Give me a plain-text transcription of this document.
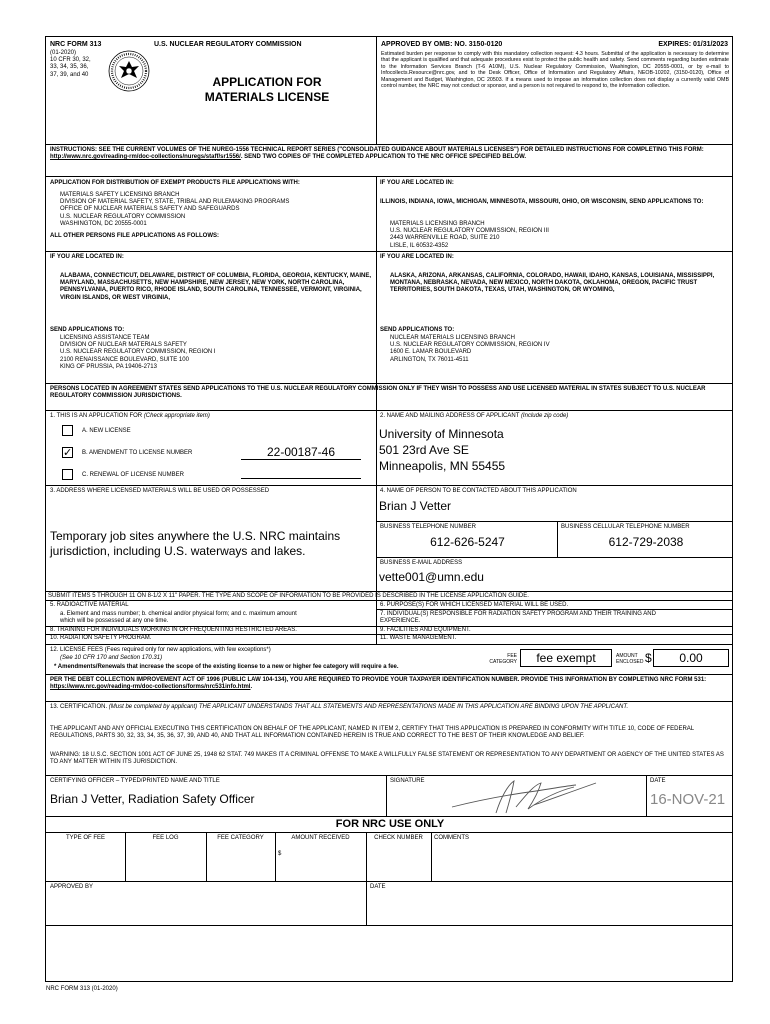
NRC FORM 313	U.S. NUCLEAR REGULATORY COMMISSION
(01-2020)
10 CFR 30, 32,
33, 34, 35, 36,
37, 39, and 40
APPLICATION FOR
MATERIALS LICENSE
APPROVED BY OMB: NO. 3150-0120	EXPIRES: 01/31/2023
Estimated burden per response to comply with this mandatory collection request: 4.3 hours. Submittal of the application is necessary to determine that the applicant is qualified and that adequate procedures exist to protect the public health and safety. Send comments regarding burden estimate to the Information Services Branch (T-6 A10M), U.S. Nuclear Regulatory Commission, Washington, DC 20555-0001, or by e-mail to Infocollects.Resource@nrc.gov, and to the Desk Officer, Office of Information and Regulatory Affairs, NEOB-10202, (3150-0120), Office of Management and Budget, Washington, DC 20503. If a means used to impose an information collection does not display a currently valid OMB control number, the NRC may not conduct or sponsor, and a person is not required to respond to, the information collection.
INSTRUCTIONS: SEE THE CURRENT VOLUMES OF THE NUREG-1556 TECHNICAL REPORT SERIES ("CONSOLIDATED GUIDANCE ABOUT MATERIALS LICENSES") FOR DETAILED INSTRUCTIONS FOR COMPLETING THIS FORM: http://www.nrc.gov/reading-rm/doc-collections/nuregs/staff/sr1556/. SEND TWO COPIES OF THE COMPLETED APPLICATION TO THE NRC OFFICE SPECIFIED BELOW.
APPLICATION FOR DISTRIBUTION OF EXEMPT PRODUCTS FILE APPLICATIONS WITH:
MATERIALS SAFETY LICENSING BRANCH
DIVISION OF MATERIAL SAFETY, STATE, TRIBAL AND RULEMAKING PROGRAMS
OFFICE OF NUCLEAR MATERIALS SAFETY AND SAFEGUARDS
U.S. NUCLEAR REGULATORY COMMISSION
WASHINGTON, DC 20555-0001
ALL OTHER PERSONS FILE APPLICATIONS AS FOLLOWS:
IF YOU ARE LOCATED IN:
ALABAMA, CONNECTICUT, DELAWARE, DISTRICT OF COLUMBIA, FLORIDA, GEORGIA, KENTUCKY, MAINE, MARYLAND, MASSACHUSETTS, NEW HAMPSHIRE, NEW JERSEY, NEW YORK, NORTH CAROLINA, PENNSYLVANIA, PUERTO RICO, RHODE ISLAND, SOUTH CAROLINA, TENNESSEE, VERMONT, VIRGINIA, VIRGIN ISLANDS, OR WEST VIRGINIA,
SEND APPLICATIONS TO:
LICENSING ASSISTANCE TEAM
DIVISION OF NUCLEAR MATERIALS SAFETY
U.S. NUCLEAR REGULATORY COMMISSION, REGION I
2100 RENAISSANCE BOULEVARD, SUITE 100
KING OF PRUSSIA, PA 19406-2713
IF YOU ARE LOCATED IN:
ILLINOIS, INDIANA, IOWA, MICHIGAN, MINNESOTA, MISSOURI, OHIO, OR WISCONSIN, SEND APPLICATIONS TO:
MATERIALS LICENSING BRANCH
U.S. NUCLEAR REGULATORY COMMISSION, REGION III
2443 WARRENVILLE ROAD, SUITE 210
LISLE, IL 60532-4352
IF YOU ARE LOCATED IN:
ALASKA, ARIZONA, ARKANSAS, CALIFORNIA, COLORADO, HAWAII, IDAHO, KANSAS, LOUISIANA, MISSISSIPPI, MONTANA, NEBRASKA, NEVADA, NEW MEXICO, NORTH DAKOTA, OKLAHOMA, OREGON, PACIFIC TRUST TERRITORIES, SOUTH DAKOTA, TEXAS, UTAH, WASHINGTON, OR WYOMING,
SEND APPLICATIONS TO:
NUCLEAR MATERIALS LICENSING BRANCH
U.S. NUCLEAR REGULATORY COMMISSION, REGION IV
1600 E. LAMAR BOULEVARD
ARLINGTON, TX 76011-4511
PERSONS LOCATED IN AGREEMENT STATES SEND APPLICATIONS TO THE U.S. NUCLEAR REGULATORY COMMISSION ONLY IF THEY WISH TO POSSESS AND USE LICENSED MATERIAL IN STATES SUBJECT TO U.S. NUCLEAR REGULATORY COMMISSION JURISDICTIONS.
1. THIS IS AN APPLICATION FOR (Check appropriate item)
A. NEW LICENSE
✓ B. AMENDMENT TO LICENSE NUMBER	22-00187-46
C. RENEWAL OF LICENSE NUMBER
2. NAME AND MAILING ADDRESS OF APPLICANT (Include zip code)
University of Minnesota
501 23rd Ave SE
Minneapolis, MN 55455
3. ADDRESS WHERE LICENSED MATERIALS WILL BE USED OR POSSESSED
Temporary job sites anywhere the U.S. NRC maintains jurisdiction, including U.S. waterways and lakes.
4. NAME OF PERSON TO BE CONTACTED ABOUT THIS APPLICATION
Brian J Vetter
BUSINESS TELEPHONE NUMBER
612-626-5247
BUSINESS CELLULAR TELEPHONE NUMBER
612-729-2038
BUSINESS E-MAIL ADDRESS
vette001@umn.edu
SUBMIT ITEMS 5 THROUGH 11 ON 8-1/2 X 11" PAPER. THE TYPE AND SCOPE OF INFORMATION TO BE PROVIDED IS DESCRIBED IN THE LICENSE APPLICATION GUIDE.
5. RADIOACTIVE MATERIAL
a. Element and mass number; b. chemical and/or physical form; and c. maximum amount
which will be possessed at any one time.
6. PURPOSE(S) FOR WHICH LICENSED MATERIAL WILL BE USED.
7. INDIVIDUAL(S) RESPONSIBLE FOR RADIATION SAFETY PROGRAM AND THEIR TRAINING AND
EXPERIENCE.
8. TRAINING FOR INDIVIDUALS WORKING IN OR FREQUENTING RESTRICTED AREAS.	9. FACILITIES AND EQUIPMENT.
10. RADIATION SAFETY PROGRAM.	11. WASTE MANAGEMENT.
12. LICENSE FEES (Fees required only for new applications, with few exceptions*)
(See 10 CFR 170 and Section 170.31)
* Amendments/Renewals that increase the scope of the existing license to a new or higher fee category will require a fee.
FEE
CATEGORY	fee exempt	AMOUNT
ENCLOSED $	0.00
PER THE DEBT COLLECTION IMPROVEMENT ACT OF 1996 (PUBLIC LAW 104-134), YOU ARE REQUIRED TO PROVIDE YOUR TAXPAYER IDENTIFICATION NUMBER. PROVIDE THIS INFORMATION BY COMPLETING NRC FORM 531: https://www.nrc.gov/reading-rm/doc-collections/forms/nrc531info.html.
13. CERTIFICATION. (Must be completed by applicant) THE APPLICANT UNDERSTANDS THAT ALL STATEMENTS AND REPRESENTATIONS MADE IN THIS APPLICATION ARE BINDING UPON THE APPLICANT.
THE APPLICANT AND ANY OFFICIAL EXECUTING THIS CERTIFICATION ON BEHALF OF THE APPLICANT, NAMED IN ITEM 2, CERTIFY THAT THIS APPLICATION IS PREPARED IN CONFORMITY WITH TITLE 10, CODE OF FEDERAL REGULATIONS, PARTS 30, 32, 33, 34, 35, 36, 37, 39, AND 40, AND THAT ALL INFORMATION CONTAINED HEREIN IS TRUE AND CORRECT TO THE BEST OF THEIR KNOWLEDGE AND BELIEF.
WARNING: 18 U.S.C. SECTION 1001 ACT OF JUNE 25, 1948 62 STAT. 749 MAKES IT A CRIMINAL OFFENSE TO MAKE A WILLFULLY FALSE STATEMENT OR REPRESENTATION TO ANY DEPARTMENT OR AGENCY OF THE UNITED STATES AS TO ANY MATTER WITHIN ITS JURISDICTION.
CERTIFYING OFFICER – TYPED/PRINTED NAME AND TITLE
Brian J Vetter, Radiation Safety Officer
SIGNATURE	DATE
16-NOV-21
FOR NRC USE ONLY
TYPE OF FEE	FEE LOG	FEE CATEGORY	AMOUNT RECEIVED	CHECK NUMBER	COMMENTS
$
APPROVED BY	DATE
NRC FORM 313 (01-2020)
